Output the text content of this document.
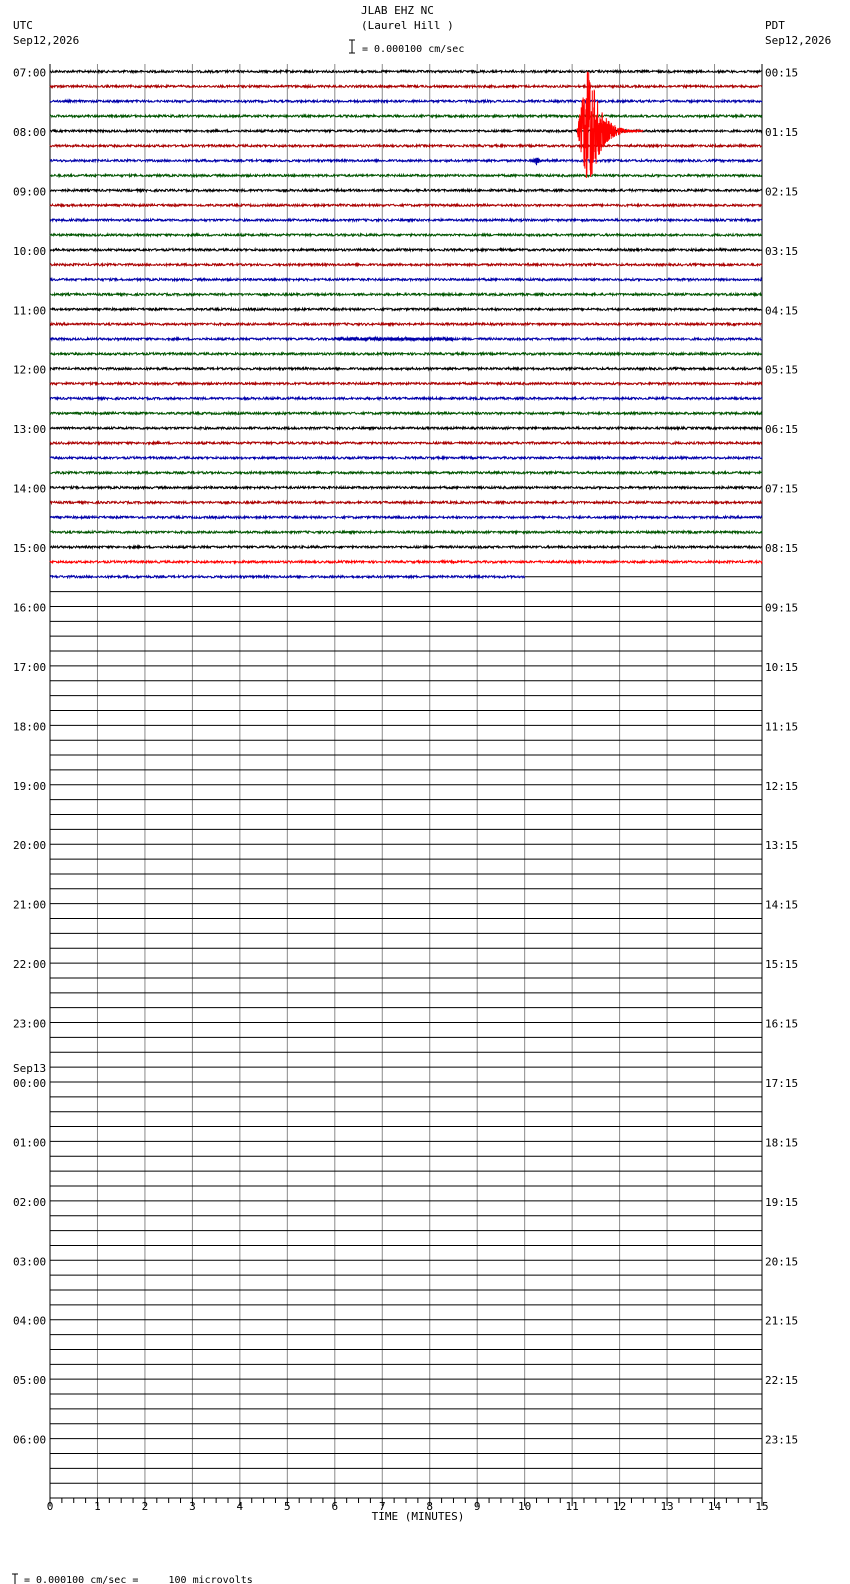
JLAB EHZ NC
(Laurel Hill )
= 0.000100 cm/sec
UTC
Sep12,2026
PDT
Sep12,2026
07:00
08:00
09:00
10:00
11:00
12:00
13:00
14:00
15:00
16:00
17:00
18:00
19:00
20:00
21:00
22:00
23:00
00:00
Sep13
01:00
02:00
03:00
04:00
05:00
06:00
00:15
01:15
02:15
03:15
04:15
05:15
06:15
07:15
08:15
09:15
10:15
11:15
12:15
13:15
14:15
15:15
16:15
17:15
18:15
19:15
20:15
21:15
22:15
23:15
0	1	2	3	4	5	6	7	8	9	10	11	12	13	14	15
TIME (MINUTES)
= 0.000100 cm/sec =     100 microvolts
